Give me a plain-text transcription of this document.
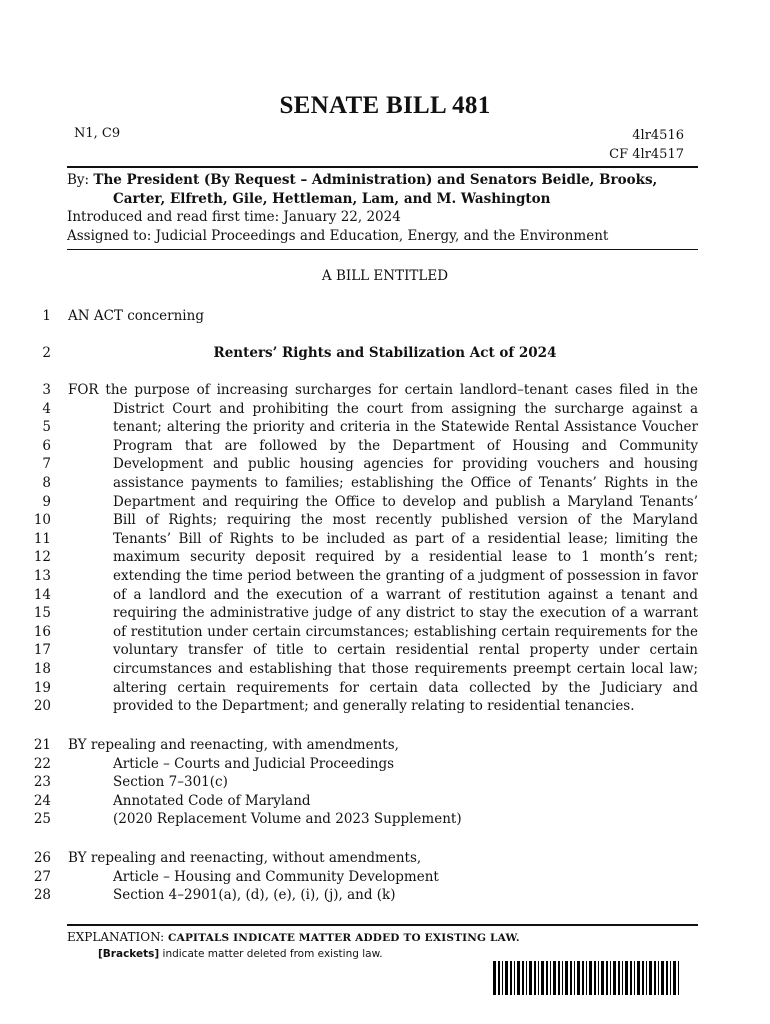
SENATE BILL 481
N1, C9	4lr4516
CF 4lr4517
By: The President (By Request – Administration) and Senators Beidle, Brooks,
Carter, Elfreth, Gile, Hettleman, Lam, and M. Washington
Introduced and read first time: January 22, 2024
Assigned to: Judicial Proceedings and Education, Energy, and the Environment
A BILL ENTITLED
1 AN ACT concerning
2	Renters’ Rights and Stabilization Act of 2024
3 FOR the purpose of increasing surcharges for certain landlord–tenant cases filed in the
4	District Court and prohibiting the court from assigning the surcharge against a
5	tenant; altering the priority and criteria in the Statewide Rental Assistance Voucher
6	Program that are followed by the Department of Housing and Community
7	Development and public housing agencies for providing vouchers and housing
8	assistance payments to families; establishing the Office of Tenants’ Rights in the
9	Department and requiring the Office to develop and publish a Maryland Tenants’
10	Bill of Rights; requiring the most recently published version of the Maryland
11	Tenants’ Bill of Rights to be included as part of a residential lease; limiting the
12	maximum security deposit required by a residential lease to 1 month’s rent;
13	extending the time period between the granting of a judgment of possession in favor
14	of a landlord and the execution of a warrant of restitution against a tenant and
15	requiring the administrative judge of any district to stay the execution of a warrant
16	of restitution under certain circumstances; establishing certain requirements for the
17	voluntary transfer of title to certain residential rental property under certain
18	circumstances and establishing that those requirements preempt certain local law;
19	altering certain requirements for certain data collected by the Judiciary and
20	provided to the Department; and generally relating to residential tenancies.
21 BY repealing and reenacting, with amendments,
22	Article – Courts and Judicial Proceedings
23	Section 7–301(c)
24	Annotated Code of Maryland
25	(2020 Replacement Volume and 2023 Supplement)
26 BY repealing and reenacting, without amendments,
27	Article – Housing and Community Development
28	Section 4–2901(a), (d), (e), (i), (j), and (k)
EXPLANATION: CAPITALS INDICATE MATTER ADDED TO EXISTING LAW.
[Brackets] indicate matter deleted from existing law.
